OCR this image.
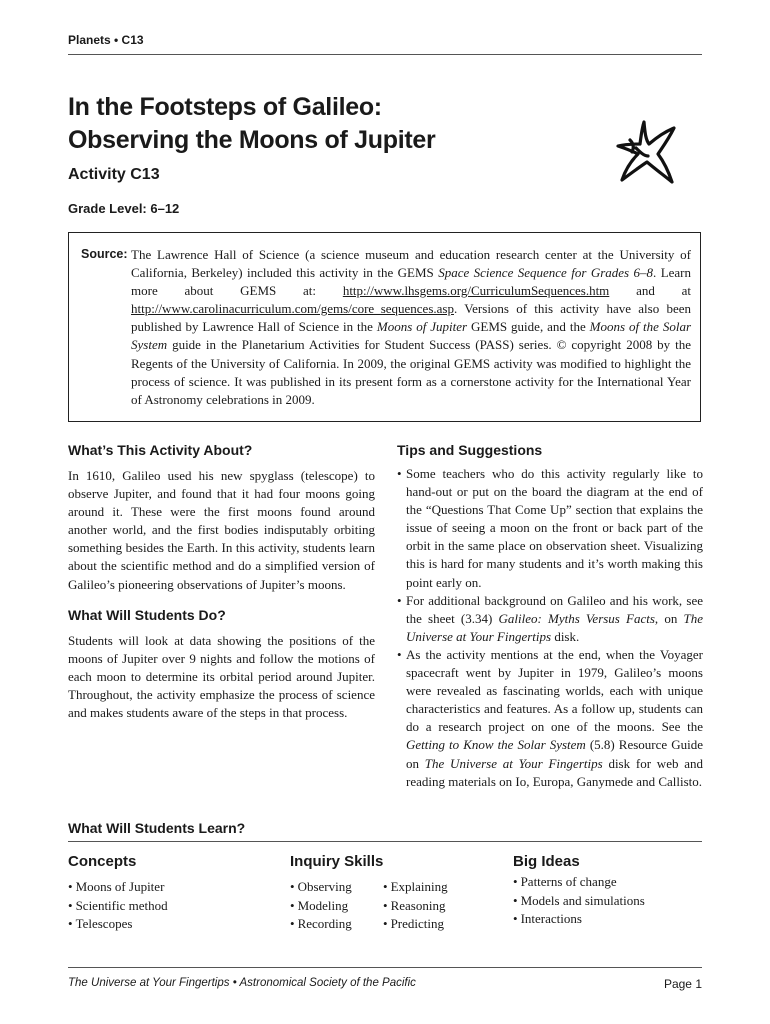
Planets • C13
In the Footsteps of Galileo:
Observing the Moons of Jupiter
Activity C13
Grade Level: 6–12
Source: The Lawrence Hall of Science (a science museum and education research center at the University of California, Berkeley) included this activity in the GEMS Space Science Sequence for Grades 6–8. Learn more about GEMS at: http://www.lhsgems.org/CurriculumSequences.htm and at http://www.carolinacurriculum.com/gems/core_sequences.asp. Versions of this activity have also been published by Lawrence Hall of Science in the Moons of Jupiter GEMS guide, and the Moons of the Solar System guide in the Planetarium Activities for Student Success (PASS) series. © copyright 2008 by the Regents of the University of California. In 2009, the original GEMS activity was modified to highlight the process of science. It was published in its present form as a cornerstone activity for the International Year of Astronomy celebrations in 2009.
What’s This Activity About?

In 1610, Galileo used his new spyglass (telescope) to observe Jupiter, and found that it had four moons going around it. These were the first moons found around another world, and the first bodies indisputably orbiting something besides the Earth. In this activity, students learn about the scientific method and do a simplified version of Galileo’s pioneering observations of Jupiter’s moons.

What Will Students Do?

Students will look at data showing the positions of the moons of Jupiter over 9 nights and follow the motions of each moon to determine its orbital period around Jupiter. Throughout, the activity emphasize the process of science and makes students aware of the steps in that process.

Tips and Suggestions
• Some teachers who do this activity regularly like to hand-out or put on the board the diagram at the end of the “Questions That Come Up” section that explains the issue of seeing a moon on the front or back part of the orbit in the same place on observation sheet. Visualizing this is hard for many students and it’s worth making this point early on.
• For additional background on Galileo and his work, see the sheet (3.34) Galileo: Myths Versus Facts, on The Universe at Your Fingertips disk.
• As the activity mentions at the end, when the Voyager spacecraft went by Jupiter in 1979, Galileo’s moons were revealed as fascinating worlds, each with unique characteristics and features. As a follow up, students can do a research project on one of the moons. See the Getting to Know the Solar System (5.8) Resource Guide on The Universe at Your Fingertips disk for web and reading materials on Io, Europa, Ganymede and Callisto.
What Will Students Learn?
Concepts
• Moons of Jupiter
• Scientific method
• Telescopes
Inquiry Skills
• Observing
• Modeling
• Recording
• Explaining
• Reasoning
• Predicting
Big Ideas
• Patterns of change
• Models and simulations
• Interactions
The Universe at Your Fingertips • Astronomical Society of the Pacific	Page 1
